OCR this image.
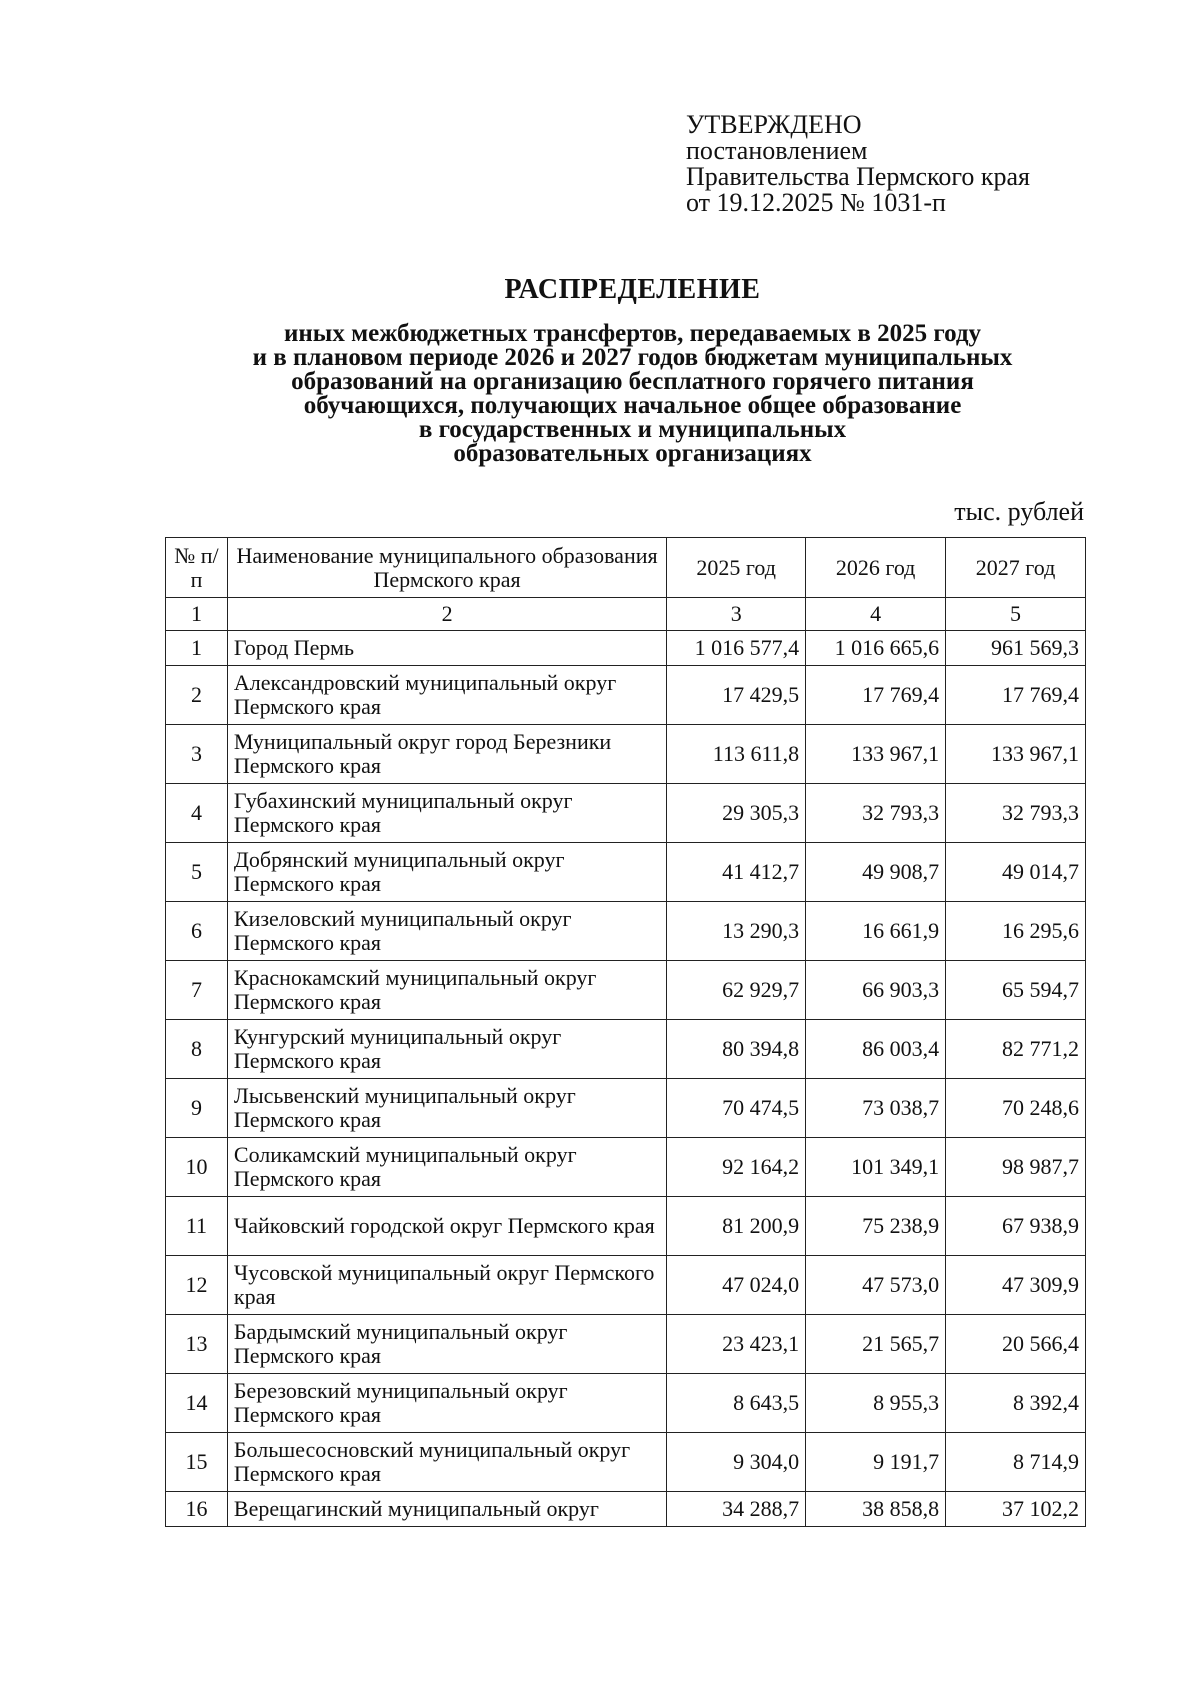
УТВЕРЖДЕНО
постановлением
Правительства Пермского края
от 19.12.2025 № 1031-п
РАСПРЕДЕЛЕНИЕ
иных межбюджетных трансфертов, передаваемых в 2025 году
и в плановом периоде 2026 и 2027 годов бюджетам муниципальных
образований на организацию бесплатного горячего питания
обучающихся, получающих начальное общее образование
в государственных и муниципальных
образовательных организациях
тыс. рублей
№ п/п	Наименование муниципального образования Пермского края	2025 год	2026 год	2027 год
1	2	3	4	5
1	Город Пермь	1 016 577,4	1 016 665,6	961 569,3
2	Александровский муниципальный округ Пермского края	17 429,5	17 769,4	17 769,4
3	Муниципальный округ город Березники Пермского края	113 611,8	133 967,1	133 967,1
4	Губахинский муниципальный округ Пермского края	29 305,3	32 793,3	32 793,3
5	Добрянский муниципальный округ Пермского края	41 412,7	49 908,7	49 014,7
6	Кизеловский муниципальный округ Пермского края	13 290,3	16 661,9	16 295,6
7	Краснокамский муниципальный округ Пермского края	62 929,7	66 903,3	65 594,7
8	Кунгурский муниципальный округ Пермского края	80 394,8	86 003,4	82 771,2
9	Лысьвенский муниципальный округ Пермского края	70 474,5	73 038,7	70 248,6
10	Соликамский муниципальный округ Пермского края	92 164,2	101 349,1	98 987,7
11	Чайковский городской округ Пермского края	81 200,9	75 238,9	67 938,9
12	Чусовской муниципальный округ Пермского края	47 024,0	47 573,0	47 309,9
13	Бардымский муниципальный округ Пермского края	23 423,1	21 565,7	20 566,4
14	Березовский муниципальный округ Пермского края	8 643,5	8 955,3	8 392,4
15	Большесосновский муниципальный округ Пермского края	9 304,0	9 191,7	8 714,9
16	Верещагинский муниципальный округ	34 288,7	38 858,8	37 102,2
